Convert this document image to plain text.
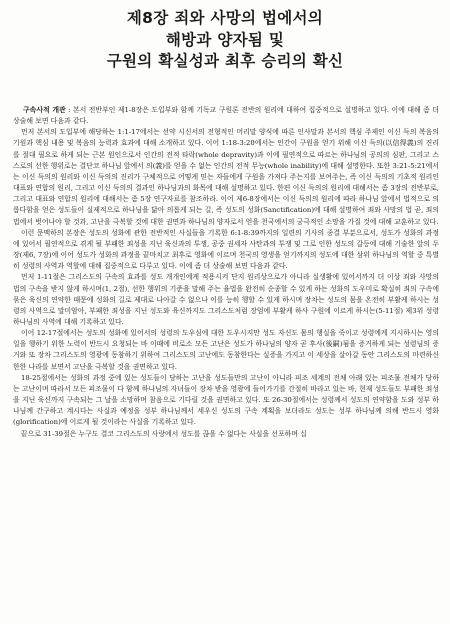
제8장 죄와 사망의 법에서의
해방과 양자됨 및
구원의 확실성과 최후 승리의 확신

구속사적 개관 : 본서 전반부인 제1-8장은 도입부와 함께 기독교 구원론 전반의 원리에 대하여 집중적으로 설명하고 있다. 이에 대해 좀 더 상술해 보면 다음과 같다.

먼저 본서의 도입부에 해당하는 1:1-17에서는 선약 시신서의 전형적인 머리말 양식에 따른 인사말과 본서의 핵심 주제인 이신 득의 복음의 기원과 핵심 내용 및 복음의 능력과 효과에 대해 소개하고 있다. 이어 1:18-3:20에서는 인간이 구원을 얻기 위해 이신 득의(以信得義)의 진리를 절대 필요로 하게 되는 근본 원인으로서 인간의 전적 타락(whole depravity)과 이에 필연적으로 따르는 하나님의 공의의 심판, 그리고 스스로의 선한 행위로는 결단코 하나님 앞에서 의(義)를 얻을 수 없는 인간의 전적 무능(whole inability)에 대해 설명한다. 또한 3:21-5:21에서는 이신 득의의 원리와 이신 득의의 진리가 구체적으로 어떻게 믿는 자들에게 구원을 가져다 주는지를 보여주는, 즉 이신 득의의 기초적 원리인 대표와 연합의 원리, 그리고 이신 득의의 결과인 하나님과의 화목에 대해 설명하고 있다. 한편 이신 득의의 원리에 대해서는 좀 3장의 전반부로, 그리고 대표와 연합의 원리에 대해서는 좀 5장 연구자료를 참조하라. 이어 제6-8장에서는 이신 득의의 원리에 따라 하나님 앞에서 법적으로 의롭다함을 얻은 성도들이 실제적으로 하나님을 닮아 의롭게 되는 길, 즉 성도의 성화(Sanctification)에 대해 설명하여 죄와 사망의 법 곧, 죄의 법에서 벗어나야 할 것과, 고난을 극복할 것에 대한 권면과 하나님의 양자로서 얻을 천국에서의 궁극적인 소망을 가질 것에 대해 교훈하고 있다.

이런 문맥하의 본장은 성도의 성화에 관한 전반적인 사실들을 기록한 6:1-8:39까지의 일련의 기사의 종결 부분으로서, 성도가 성화의 과정에 있어서 필연적으로 겪게 될 부패한 죄성을 지닌 육신과의 투쟁, 공중 권세자 사탄과의 투쟁 및 그로 인한 성도의 갈등에 대해 기술한 앞의 두 장(제6, 7장)에 이어 성도가 성화의 과정을 끝마치고 최후로 영화에 이르며 천국의 영생을 얻기까지의 성도에 대한 삼위 하나님의 역할 중 특별히 성령의 사역과 역할에 대해 집중적으로 다루고 있다. 이에 좀 더 상술해 보면 다음과 같다.

먼저 1-11절은 그리스도의 구속의 효과를 성도 개개인에게 적용시켜 단지 원리상으로가 아니라 실생활에 있어서까지 더 이상 죄와 사망의 법의 구속을 받지 않게 하시며(1, 2절), 선한 행위의 기준을 말해 주는 율법을 완전히 순종할 수 있게 하는 성화의 도우미로 확실히 죄의 구속에 묶은 육신의 연약한 때문에 성화의 길로 제대로 나아갈 수 없으나 이를 능히 행할 수 있게 하시며 장차는 성도의 몸을 온전히 부활케 하시는 성령의 사역으로 말미암아, 부패한 죄성을 지닌 성도와 육신까지도 그리스도처럼 장엄에 부활케 하사 구원에 이르게 하시는(5-11절) 제3위 성령 하나님의 사역에 대해 기록하고 있다.

이어 12-17절에서는 성도의 성화에 있어서의 성령의 도우심에 대한 도우시지만 성도 자신도 몸의 행실을 죽이고 성령에게 지시하시는 영의 일을 행하기 위한 노력이 반드시 요청되는 바 이때에 비로소 모든 고난은 성도가 하나님의 양자 곧 후사(後嗣)됨을 증거하게 되는 성령님의 증거와 또 장차 그리스도의 영광에 동참하기 위하여 그리스도의 고난에도 동참한다는 실증을 가지고 이 세상을 살아갈 동안 그리스도의 마련하신 한한 나라를 보면서 고난을 극복할 것을 권면하고 있다.

18-25절에서는 성화의 과정 중에 있는 성도들이 당하는 고난을 성도들만의 고난이 아니라 피조 세계의 전체 아래 있는 피조물 전체가 당하는 고난이며 따라서 모든 피조물이 다 함께 하나님의 자녀들이 장차 받을 영광에 들어가기를 간절히 바라고 있는 바, 현재 성도들도 부패한 죄성을 지닌 육신까지 구속되는 그 날을 소망하며 참음으로 기다릴 것을 권면하고 있다. 또 26-30절에서는 성령께서 성도의 연약함을 도와 성부 하나님께 간구하고 계시다는 사실과 예정을 성부 하나님께서 세우신 성도의 구속 계획을 보더라도 성도는 성부 하나님께 의해 반드시 영화(glorification)에 이르게 될 것이라는 사실을 기록하고 있다.

끝으로 31-39절은 누구도 결코 그리스도의 사랑에서 성도를 끊을 수 없다는 사실을 선포하며 십
